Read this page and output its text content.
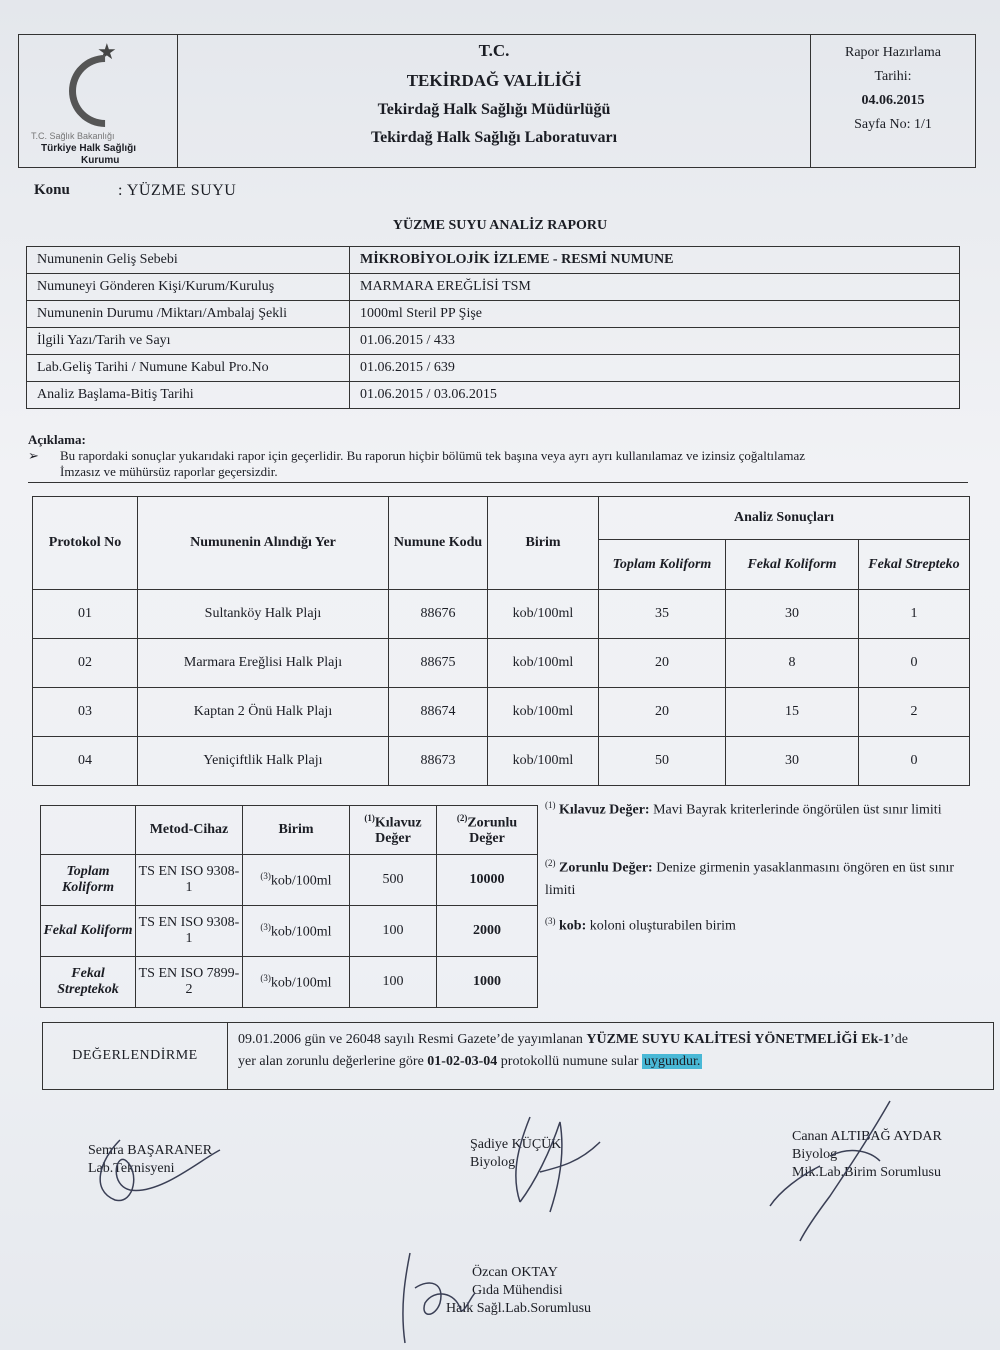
★
T.C. Sağlık Bakanlığı
Türkiye Halk Sağlığı
Kurumu
T.C.
TEKİRDAĞ VALİLİĞİ
Tekirdağ Halk Sağlığı Müdürlüğü
Tekirdağ Halk Sağlığı Laboratuvarı
Rapor Hazırlama
Tarihi:
04.06.2015
Sayfa No: 1/1
Konu	: YÜZME SUYU
YÜZME SUYU ANALİZ RAPORU
Numunenin Geliş Sebebi	MİKROBİYOLOJİK İZLEME - RESMİ NUMUNE
Numuneyi Gönderen Kişi/Kurum/Kuruluş	MARMARA EREĞLİSİ TSM
Numunenin Durumu /Miktarı/Ambalaj Şekli	1000ml Steril PP Şişe
İlgili Yazı/Tarih ve Sayı	01.06.2015 / 433
Lab.Geliş Tarihi / Numune Kabul Pro.No	01.06.2015 / 639
Analiz Başlama-Bitiş Tarihi	01.06.2015 / 03.06.2015
Açıklama:
➢ Bu rapordaki sonuçlar yukarıdaki rapor için geçerlidir. Bu raporun hiçbir bölümü tek başına veya ayrı ayrı kullanılamaz ve izinsiz çoğaltılamaz
İmzasız ve mühürsüz raporlar geçersizdir.
Protokol No	Numunenin Alındığı Yer	Numune Kodu	Birim	Analiz Sonuçları		
				Toplam Koliform	Fekal Koliform	Fekal Strepteko
01	Sultanköy Halk Plajı	88676	kob/100ml	35	30	1
02	Marmara Ereğlisi Halk Plajı	88675	kob/100ml	20	8	0
03	Kaptan 2 Önü Halk Plajı	88674	kob/100ml	20	15	2
04	Yeniçiftlik Halk Plajı	88673	kob/100ml	50	30	0
	Metod-Cihaz	Birim	$^{(1)}$Kılavuz Değer	$^{(2)}$Zorunlu Değer
Toplam Koliform	TS EN ISO 9308-1	$^{(3)}$kob/100ml	500	10000
Fekal Koliform	TS EN ISO 9308-1	$^{(3)}$kob/100ml	100	2000
Fekal Streptekok	TS EN ISO 7899-2	$^{(3)}$kob/100ml	100	1000
$^{(1)}$ Kılavuz Değer: Mavi Bayrak kriterlerinde öngörülen üst sınır limiti
$^{(2)}$ Zorunlu Değer: Denize girmenin yasaklanmasını öngören en üst sınır limiti
$^{(3)}$ kob: koloni oluşturabilen birim
DEĞERLENDİRME
09.01.2006 gün ve 26048 sayılı Resmi Gazete’de yayımlanan YÜZME SUYU KALİTESİ YÖNETMELİĞİ Ek-1’de
yer alan zorunlu değerlerine göre 01-02-03-04 protokollü numune sular uygundur.
Semra BAŞARANER
Lab.Teknisyeni
Şadiye KÜÇÜK
Biyolog
Canan ALTIBAĞ AYDAR
Biyolog
Mik.Lab.Birim Sorumlusu
Özcan OKTAY
Gıda Mühendisi
Halk Sağl.Lab.Sorumlusu
